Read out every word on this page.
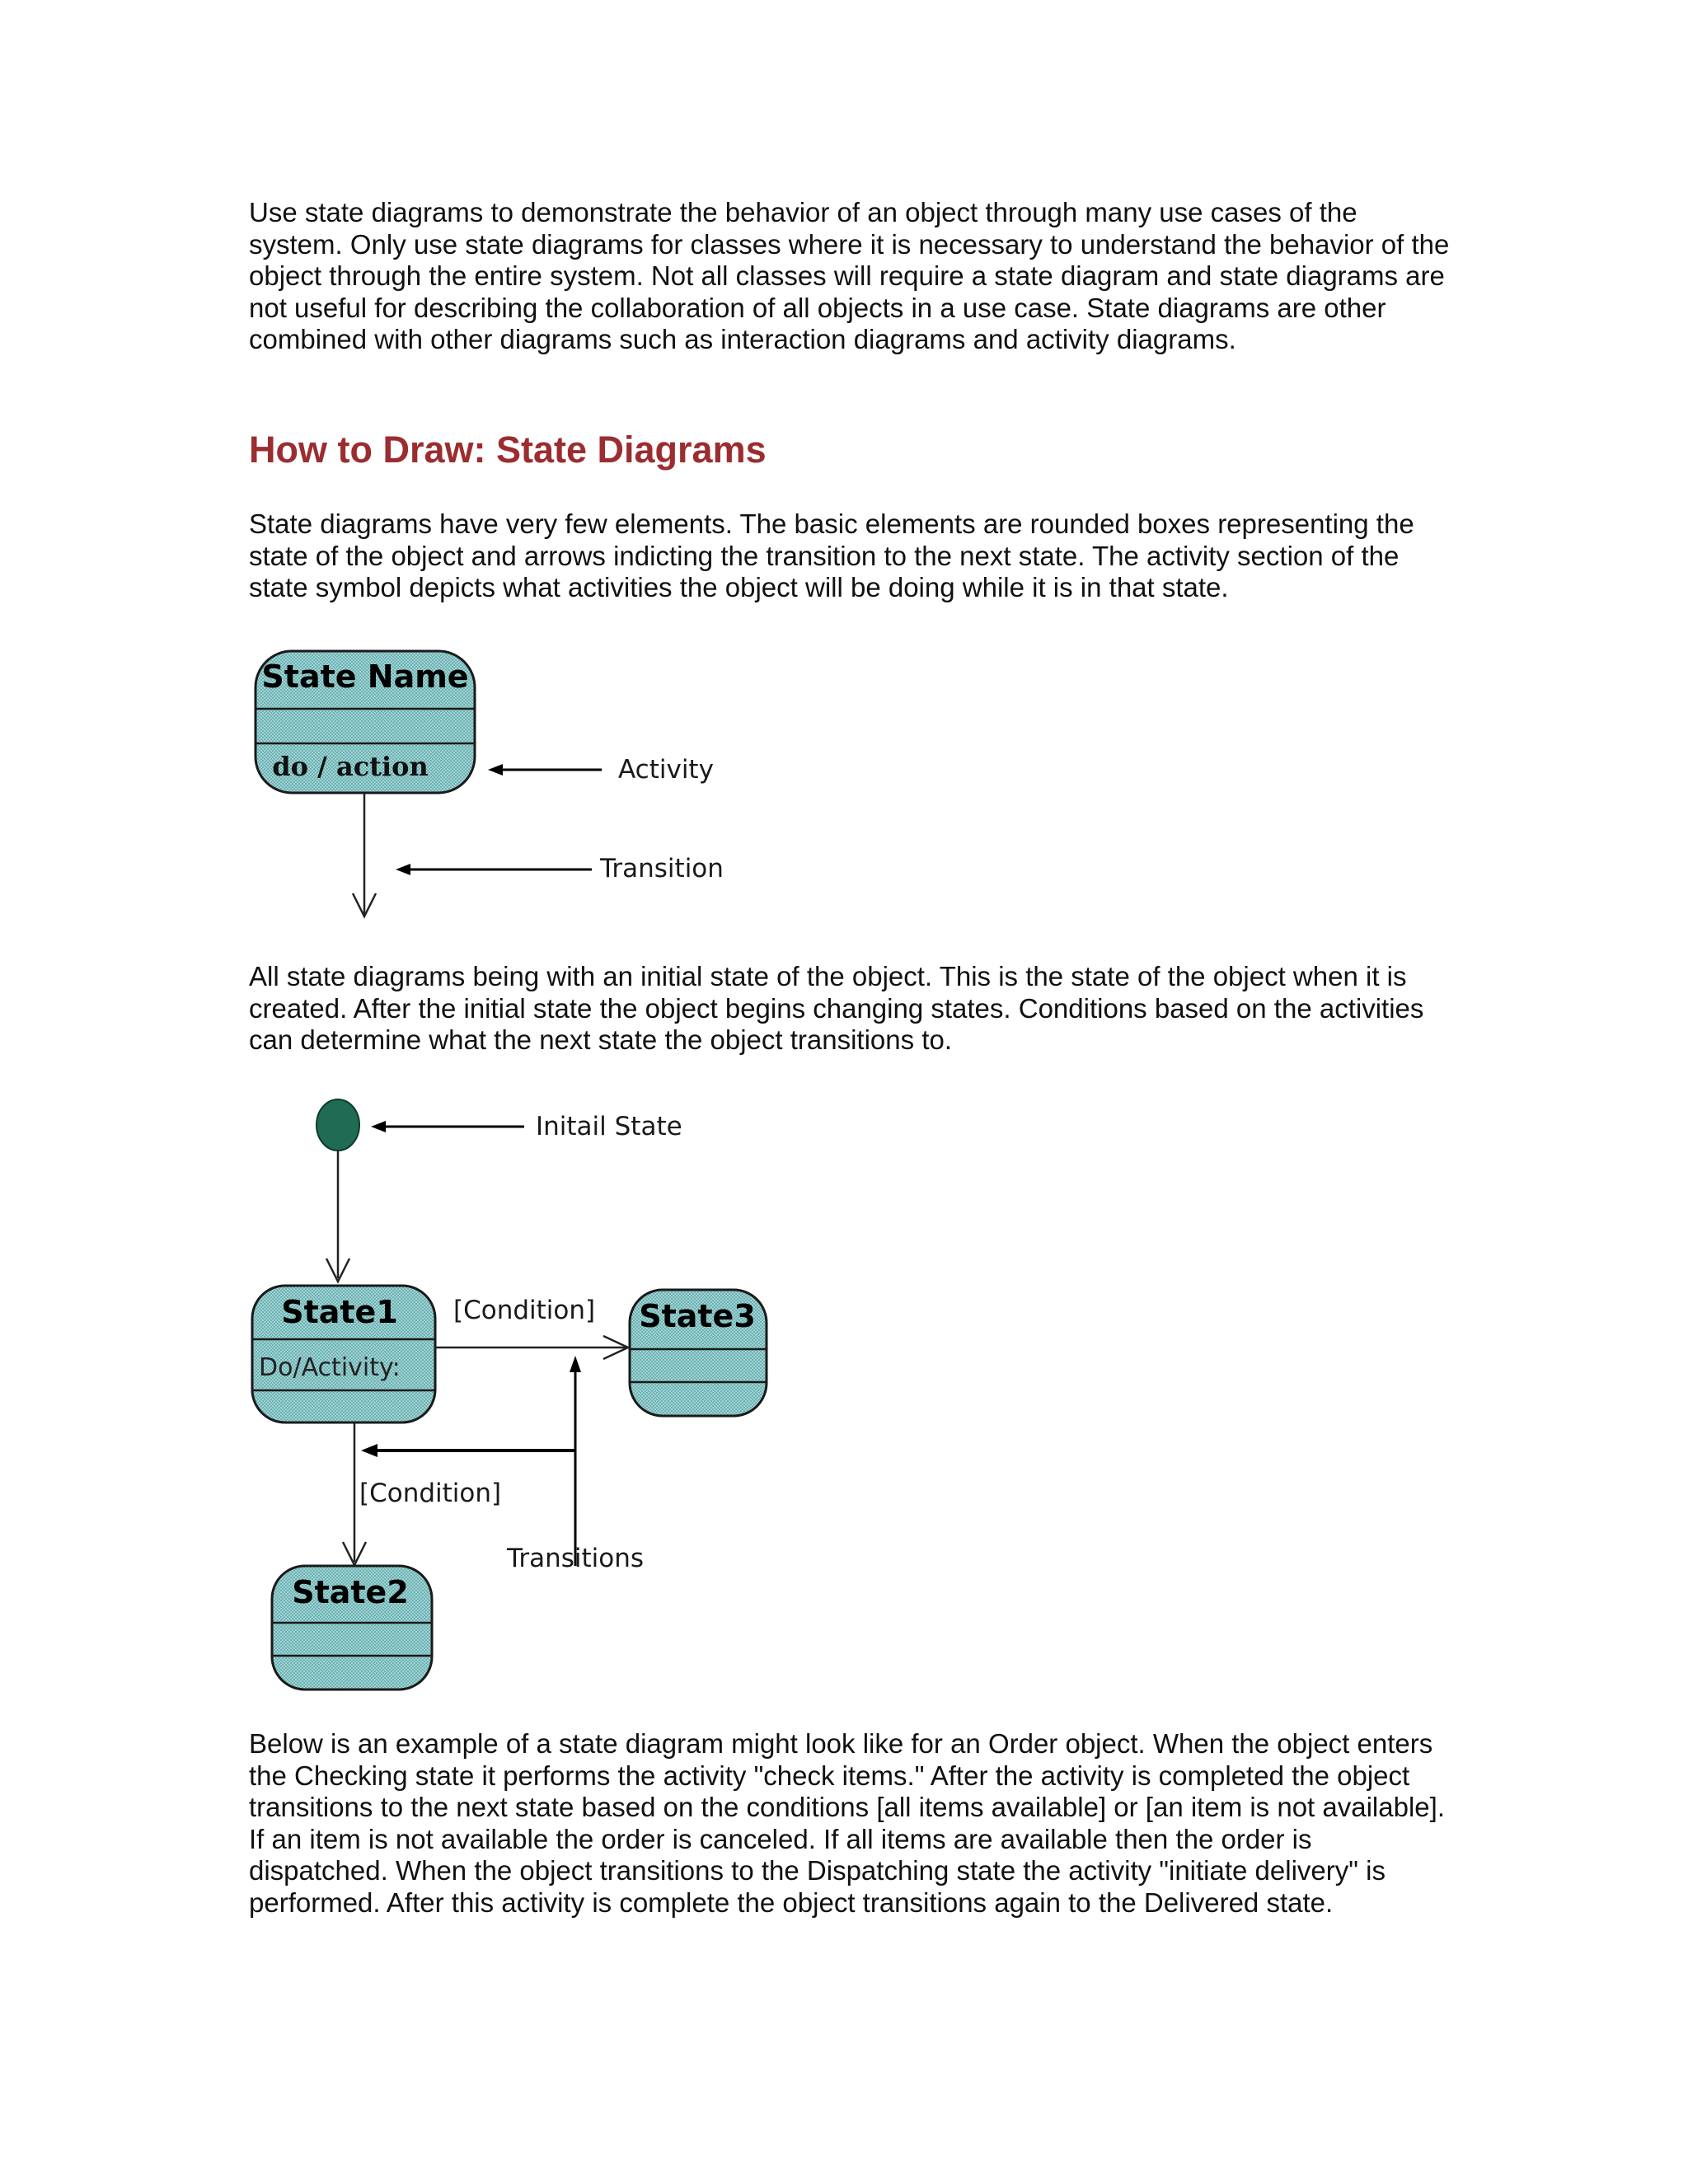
Use state diagrams to demonstrate the behavior of an object through many use cases of the system. Only use state diagrams for classes where it is necessary to understand the behavior of the object through the entire system. Not all classes will require a state diagram and state diagrams are not useful for describing the collaboration of all objects in a use case. State diagrams are other combined with other diagrams such as interaction diagrams and activity diagrams.

How to Draw: State Diagrams

State diagrams have very few elements. The basic elements are rounded boxes representing the state of the object and arrows indicting the transition to the next state. The activity section of the state symbol depicts what activities the object will be doing while it is in that state.

State Name
do / action	Activity
Transition

All state diagrams being with an initial state of the object. This is the state of the object when it is created. After the initial state the object begins changing states. Conditions based on the activities can determine what the next state the object transitions to.

Initail State
State1
Do/Activity:
State3
[Condition]
Transitions
[Condition]
State2

Below is an example of a state diagram might look like for an Order object. When the object enters the Checking state it performs the activity "check items." After the activity is completed the object transitions to the next state based on the conditions [all items available] or [an item is not available]. If an item is not available the order is canceled. If all items are available then the order is dispatched. When the object transitions to the Dispatching state the activity "initiate delivery" is performed. After this activity is complete the object transitions again to the Delivered state.
